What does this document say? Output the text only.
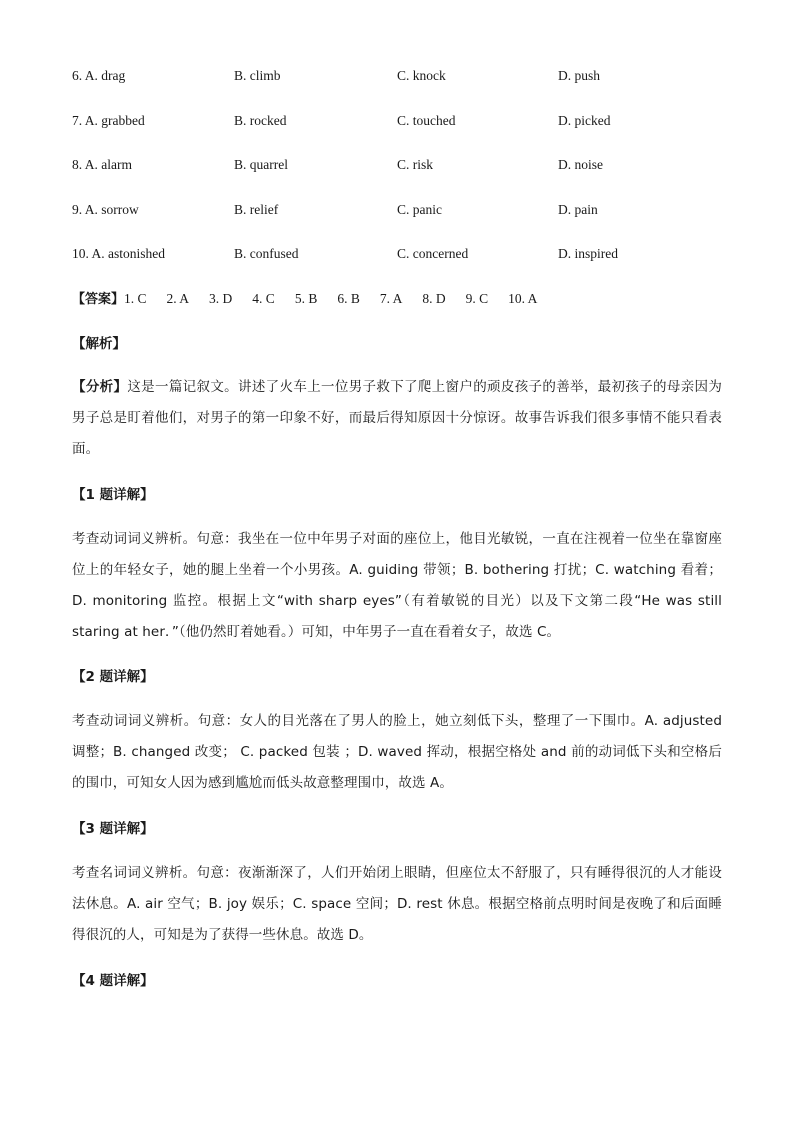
6. A. drag	B. climb	C. knock	D. push
7. A. grabbed	B. rocked	C. touched	D. picked
8. A. alarm	B. quarrel	C. risk	D. noise
9. A. sorrow	B. relief	C. panic	D. pain
10. A. astonished	B. confused	C. concerned	D. inspired
【答案】1. C 2. A 3. D 4. C 5. B 6. B 7. A 8. D 9. C 10. A
【解析】
【分析】这是一篇记叙文。讲述了火车上一位男子救下了爬上窗户的顽皮孩子的善举，最初孩子的母亲因为男子总是盯着他们，对男子的第一印象不好，而最后得知原因十分惊讶。故事告诉我们很多事情不能只看表面。
【1 题详解】
考查动词词义辨析。句意：我坐在一位中年男子对面的座位上，他目光敏锐，一直在注视着一位坐在靠窗座位上的年轻女子，她的腿上坐着一个小男孩。A. guiding 带领；B. bothering 打扰；C. watching 看着；D. monitoring 监控。根据上文“with sharp eyes”（有着敏锐的目光）以及下文第二段“He was still staring at her．”（他仍然盯着她看。）可知，中年男子一直在看着女子，故选 C。
【2 题详解】
考查动词词义辨析。句意：女人的目光落在了男人的脸上，她立刻低下头，整理了一下围巾。A. adjusted 调整；B. changed 改变； C. packed 包装 ；D. waved 挥动，根据空格处 and 前的动词低下头和空格后的围巾，可知女人因为感到尴尬而低头故意整理围巾，故选 A。
【3 题详解】
考查名词词义辨析。句意：夜渐渐深了，人们开始闭上眼睛，但座位太不舒服了，只有睡得很沉的人才能设法休息。A. air 空气；B. joy 娱乐；C. space 空间；D. rest 休息。根据空格前点明时间是夜晚了和后面睡得很沉的人，可知是为了获得一些休息。故选 D。
【4 题详解】
